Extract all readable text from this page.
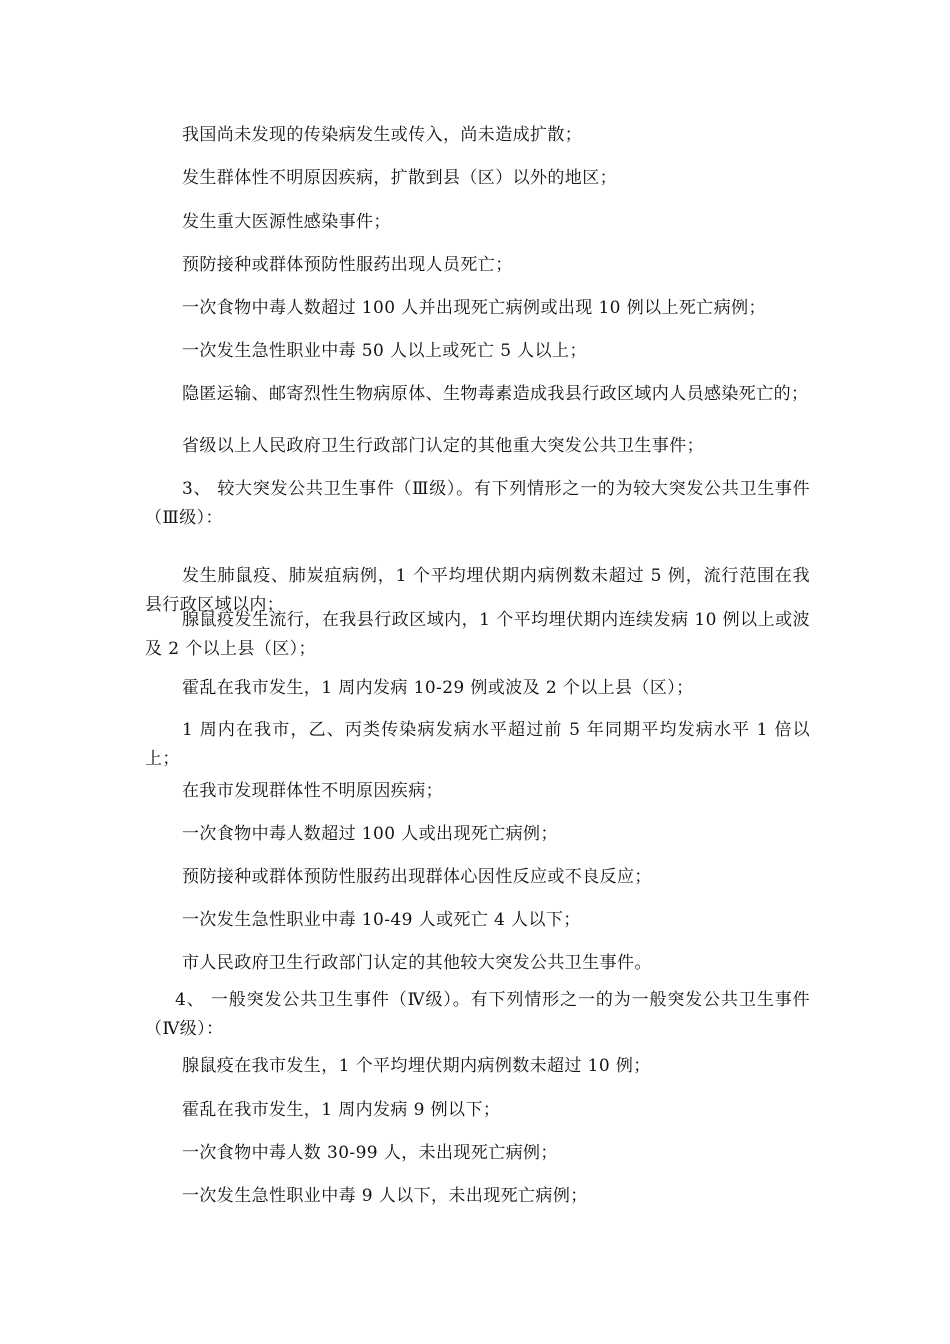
我国尚未发现的传染病发生或传入，尚未造成扩散；

发生群体性不明原因疾病，扩散到县（区）以外的地区；

发生重大医源性感染事件；

预防接种或群体预防性服药出现人员死亡；

一次食物中毒人数超过 100 人并出现死亡病例或出现 10 例以上死亡病例；

一次发生急性职业中毒 50 人以上或死亡 5 人以上；

隐匿运输、邮寄烈性生物病原体、生物毒素造成我县行政区域内人员感染死亡的；

省级以上人民政府卫生行政部门认定的其他重大突发公共卫生事件；

3、 较大突发公共卫生事件（Ⅲ级）。有下列情形之一的为较大突发公共卫生事件（Ⅲ级）：

发生肺鼠疫、肺炭疽病例，1 个平均埋伏期内病例数未超过 5 例，流行范围在我县行政区域以内；

腺鼠疫发生流行，在我县行政区域内，1 个平均埋伏期内连续发病 10 例以上或波及 2 个以上县（区）；

霍乱在我市发生，1 周内发病 10-29 例或波及 2 个以上县（区）；

1 周内在我市，乙、丙类传染病发病水平超过前 5 年同期平均发病水平 1 倍以上；

在我市发现群体性不明原因疾病；

一次食物中毒人数超过 100 人或出现死亡病例；

预防接种或群体预防性服药出现群体心因性反应或不良反应；

一次发生急性职业中毒 10-49 人或死亡 4 人以下；

市人民政府卫生行政部门认定的其他较大突发公共卫生事件。

4、 一般突发公共卫生事件（Ⅳ级）。有下列情形之一的为一般突发公共卫生事件（Ⅳ级）：

腺鼠疫在我市发生，1 个平均埋伏期内病例数未超过 10 例；

霍乱在我市发生，1 周内发病 9 例以下；

一次食物中毒人数 30-99 人，未出现死亡病例；

一次发生急性职业中毒 9 人以下，未出现死亡病例；
